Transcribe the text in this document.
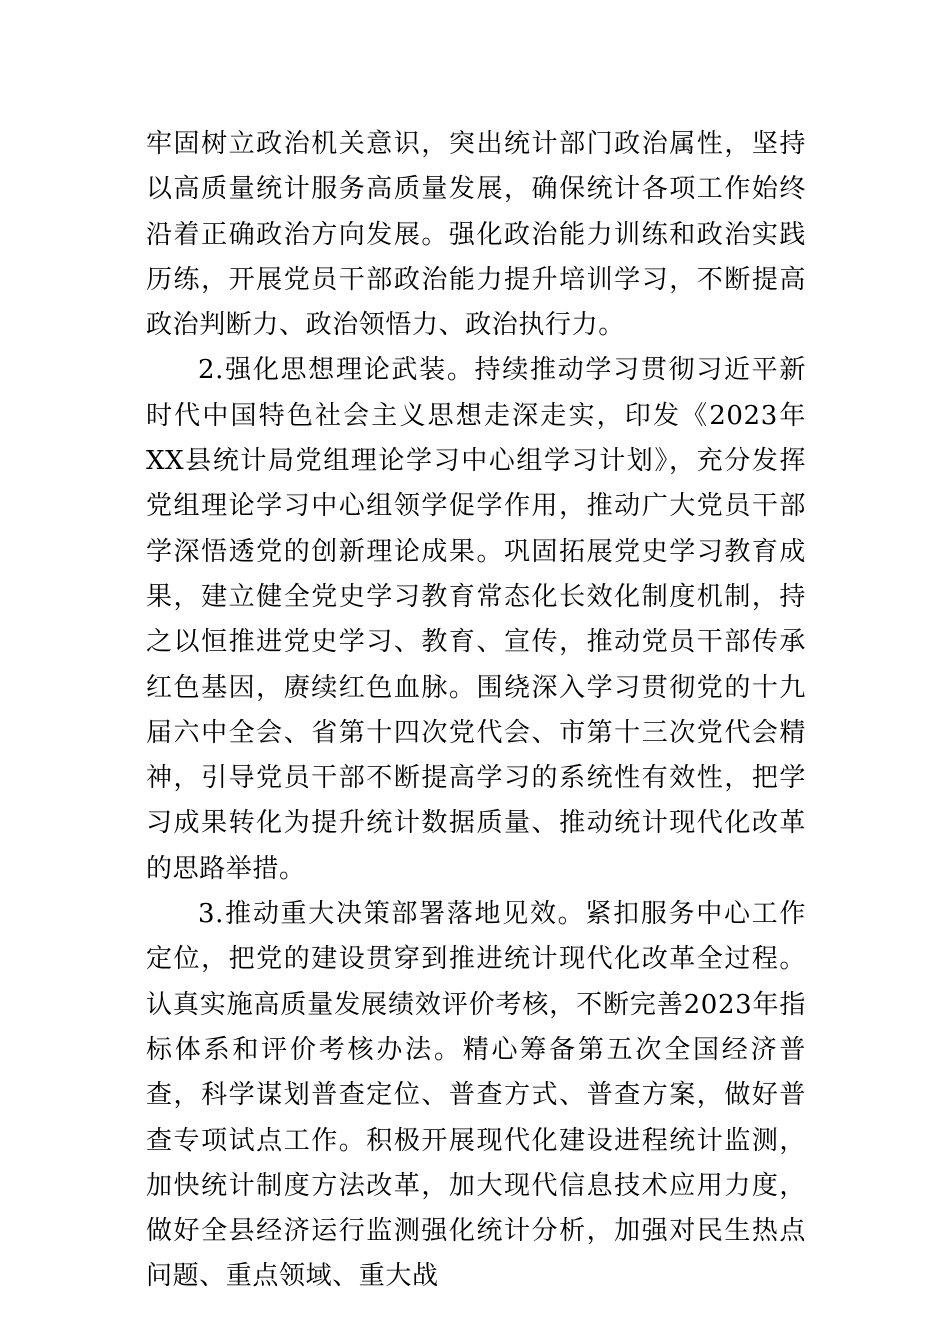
牢固树立政治机关意识，突出统计部门政治属性，坚持以高质量统计服务高质量发展，确保统计各项工作始终沿着正确政治方向发展。强化政治能力训练和政治实践历练，开展党员干部政治能力提升培训学习，不断提高政治判断力、政治领悟力、政治执行力。

2.强化思想理论武装。持续推动学习贯彻习近平新时代中国特色社会主义思想走深走实，印发《2023年XX县统计局党组理论学习中心组学习计划》，充分发挥党组理论学习中心组领学促学作用，推动广大党员干部学深悟透党的创新理论成果。巩固拓展党史学习教育成果，建立健全党史学习教育常态化长效化制度机制，持之以恒推进党史学习、教育、宣传，推动党员干部传承红色基因，赓续红色血脉。围绕深入学习贯彻党的十九届六中全会、省第十四次党代会、市第十三次党代会精神，引导党员干部不断提高学习的系统性有效性，把学习成果转化为提升统计数据质量、推动统计现代化改革的思路举措。

3.推动重大决策部署落地见效。紧扣服务中心工作定位，把党的建设贯穿到推进统计现代化改革全过程。认真实施高质量发展绩效评价考核，不断完善2023年指标体系和评价考核办法。精心筹备第五次全国经济普查，科学谋划普查定位、普查方式、普查方案，做好普查专项试点工作。积极开展现代化建设进程统计监测，加快统计制度方法改革，加大现代信息技术应用力度，做好全县经济运行监测强化统计分析，加强对民生热点问题、重点领域、重大战
